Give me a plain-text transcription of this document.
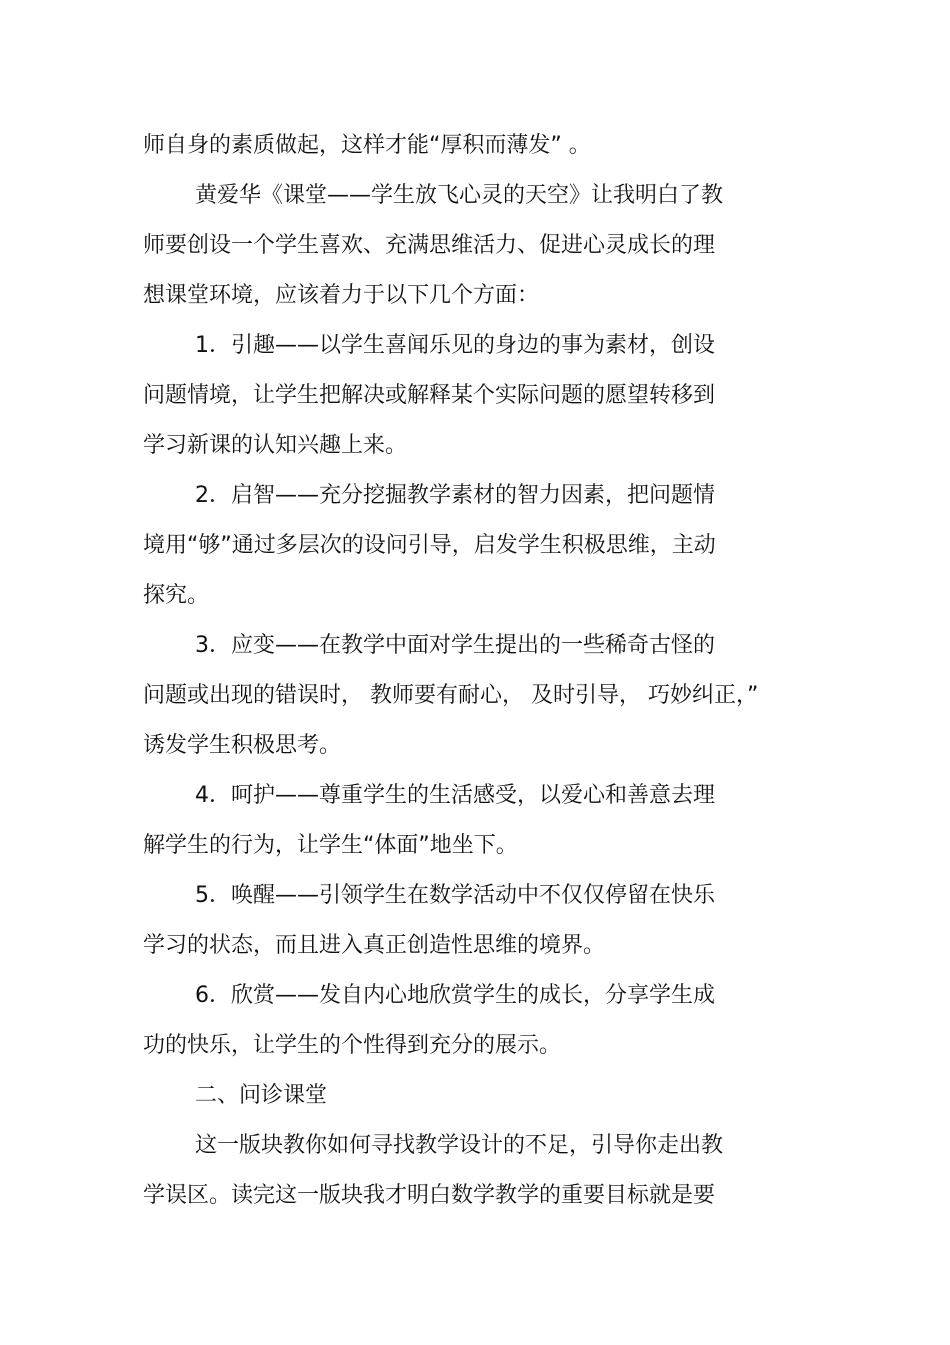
师自身的素质做起，这样才能“厚积而薄发” 。
黄爱华《课堂——学生放飞心灵的天空》让我明白了教
师要创设一个学生喜欢、充满思维活力、促进心灵成长的理
想课堂环境，应该着力于以下几个方面：
1．引趣——以学生喜闻乐见的身边的事为素材，创设
问题情境，让学生把解决或解释某个实际问题的愿望转移到
学习新课的认知兴趣上来。
2．启智——充分挖掘教学素材的智力因素，把问题情
境用“够”通过多层次的设问引导，启发学生积极思维，主动
探究。
3．应变——在教学中面对学生提出的一些稀奇古怪的
问题或出现的错误时， 教师要有耐心， 及时引导， 巧妙纠正，”
诱发学生积极思考。
4．呵护——尊重学生的生活感受，以爱心和善意去理
解学生的行为，让学生“体面”地坐下。
5．唤醒——引领学生在数学活动中不仅仅停留在快乐
学习的状态，而且进入真正创造性思维的境界。
6．欣赏——发自内心地欣赏学生的成长，分享学生成
功的快乐，让学生的个性得到充分的展示。
二、问诊课堂
这一版块教你如何寻找教学设计的不足，引导你走出教
学误区。读完这一版块我才明白数学教学的重要目标就是要
